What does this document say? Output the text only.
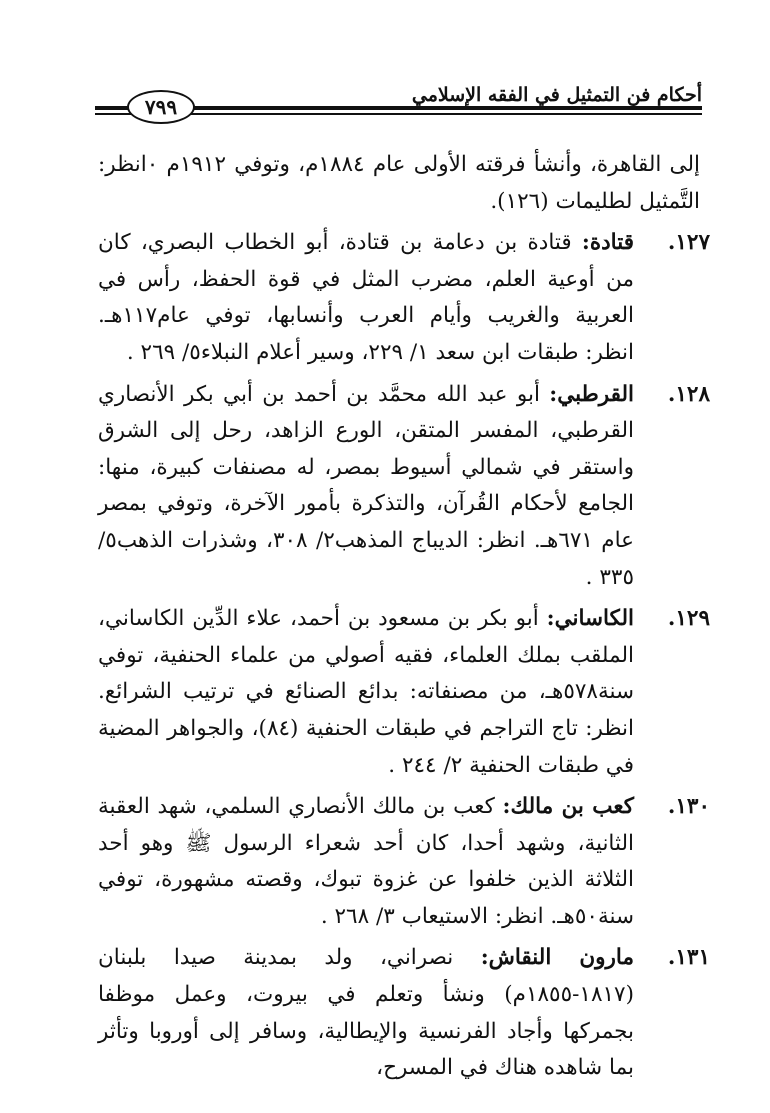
أحكام فن التمثيل في الفقه الإسلامي
٧٩٩

إلى القاهرة، وأنشأ فرقته الأولى عام ١٨٨٤م، وتوفي ١٩١٢م ٠انظر: التَّمثيل لطليمات (١٢٦).

١٢٧.

قتادة: قتادة بن دعامة بن قتادة، أبو الخطاب البصري، كان من أوعية العلم، مضرب المثل في قوة الحفظ، رأس في العربية والغريب وأيام العرب وأنسابها، توفي عام١١٧هـ. انظر: طبقات ابن سعد ١/ ٢٢٩، وسير أعلام النبلاء٥/ ٢٦٩ .

١٢٨.

القرطبي: أبو عبد الله محمَّد بن أحمد بن أبي بكر الأنصاري القرطبي، المفسر المتقن، الورع الزاهد، رحل إلى الشرق واستقر في شمالي أسيوط بمصر، له مصنفات كبيرة، منها: الجامع لأحكام القُرآن، والتذكرة بأمور الآخرة، وتوفي بمصر عام ٦٧١هـ. انظر: الديباج المذهب٢/ ٣٠٨، وشذرات الذهب٥/ ٣٣٥ .

١٢٩.

الكاساني: أبو بكر بن مسعود بن أحمد، علاء الدِّين الكاساني، الملقب بملك العلماء، فقيه أصولي من علماء الحنفية، توفي سنة٥٧٨هـ، من مصنفاته: بدائع الصنائع في ترتيب الشرائع. انظر: تاج التراجم في طبقات الحنفية (٨٤)، والجواهر المضية في طبقات الحنفية ٢/ ٢٤٤ .

١٣٠.

كعب بن مالك: كعب بن مالك الأنصاري السلمي، شهد العقبة الثانية، وشهد أحدا، كان أحد شعراء الرسول ﷺ وهو أحد الثلاثة الذين خلفوا عن غزوة تبوك، وقصته مشهورة، توفي سنة٥٠هـ. انظر: الاستيعاب ٣/ ٢٦٨ .

١٣١.

مارون النقاش: نصراني، ولد بمدينة صيدا بلبنان (١٨١٧-١٨٥٥م) ونشأ وتعلم في بيروت، وعمل موظفا بجمركها وأجاد الفرنسية والإيطالية، وسافر إلى أوروبا وتأثر بما شاهده هناك في المسرح،
